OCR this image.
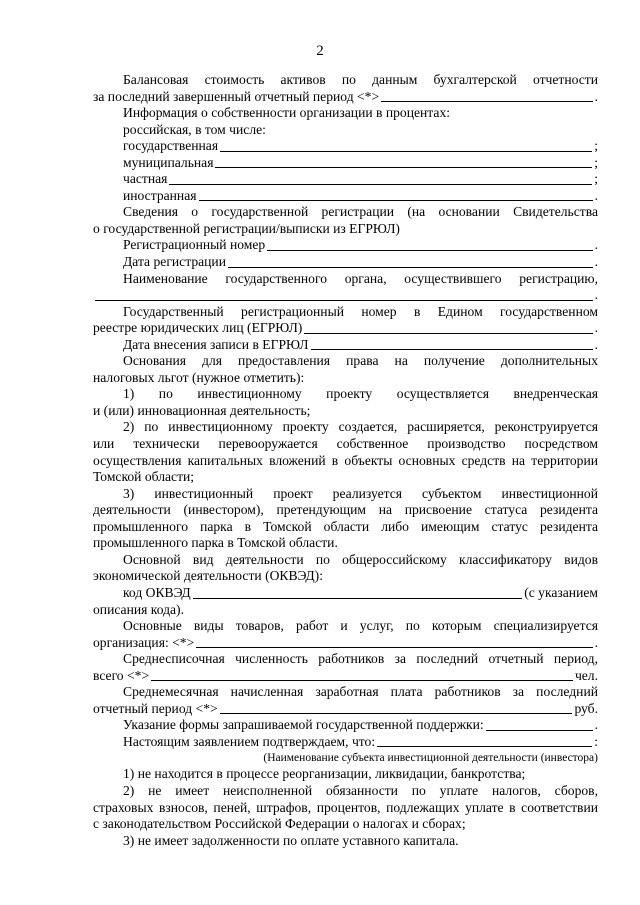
2

Балансовая стоимость активов по данным бухгалтерской отчетности

за последний завершенный отчетный период <*>	.

Информация о собственности организации в процентах:

российская, в том числе:

государственная	;
муниципальная	;
частная	;
иностранная	.

Сведения о государственной регистрации (на основании Свидетельства

о государственной регистрации/выписки из ЕГРЮЛ)

Регистрационный номер	.
Дата регистрации	.

Наименование государственного органа, осуществившего регистрацию,

.

Государственный регистрационный номер в Едином государственном

реестре юридических лиц (ЕГРЮЛ)	.
Дата внесения записи в ЕГРЮЛ	.

Основания для предоставления права на получение дополнительных

налоговых льгот (нужное отметить):

1) по инвестиционному проекту осуществляется внедренческая

и (или) инновационная деятельность;

2) по инвестиционному проекту создается, расширяется, реконструируется

или технически перевооружается собственное производство посредством

осуществления капитальных вложений в объекты основных средств на территории

Томской области;

3) инвестиционный проект реализуется субъектом инвестиционной

деятельности (инвестором), претендующим на присвоение статуса резидента

промышленного парка в Томской области либо имеющим статус резидента

промышленного парка в Томской области.

Основной вид деятельности по общероссийскому классификатору видов

экономической деятельности (ОКВЭД):

код ОКВЭД	(с указанием

описания кода).

Основные виды товаров, работ и услуг, по которым специализируется

организация: <*>	.

Среднесписочная численность работников за последний отчетный период,

всего <*>	чел.

Среднемесячная начисленная заработная плата работников за последний

отчетный период <*>	руб.
Указание формы запрашиваемой государственной поддержки:	.
Настоящим заявлением подтверждаем, что:	:

(Наименование субъекта инвестиционной деятельности (инвестора)

1) не находится в процессе реорганизации, ликвидации, банкротства;

2) не имеет неисполненной обязанности по уплате налогов, сборов,

страховых взносов, пеней, штрафов, процентов, подлежащих уплате в соответствии

с законодательством Российской Федерации о налогах и сборах;

3) не имеет задолженности по оплате уставного капитала.
